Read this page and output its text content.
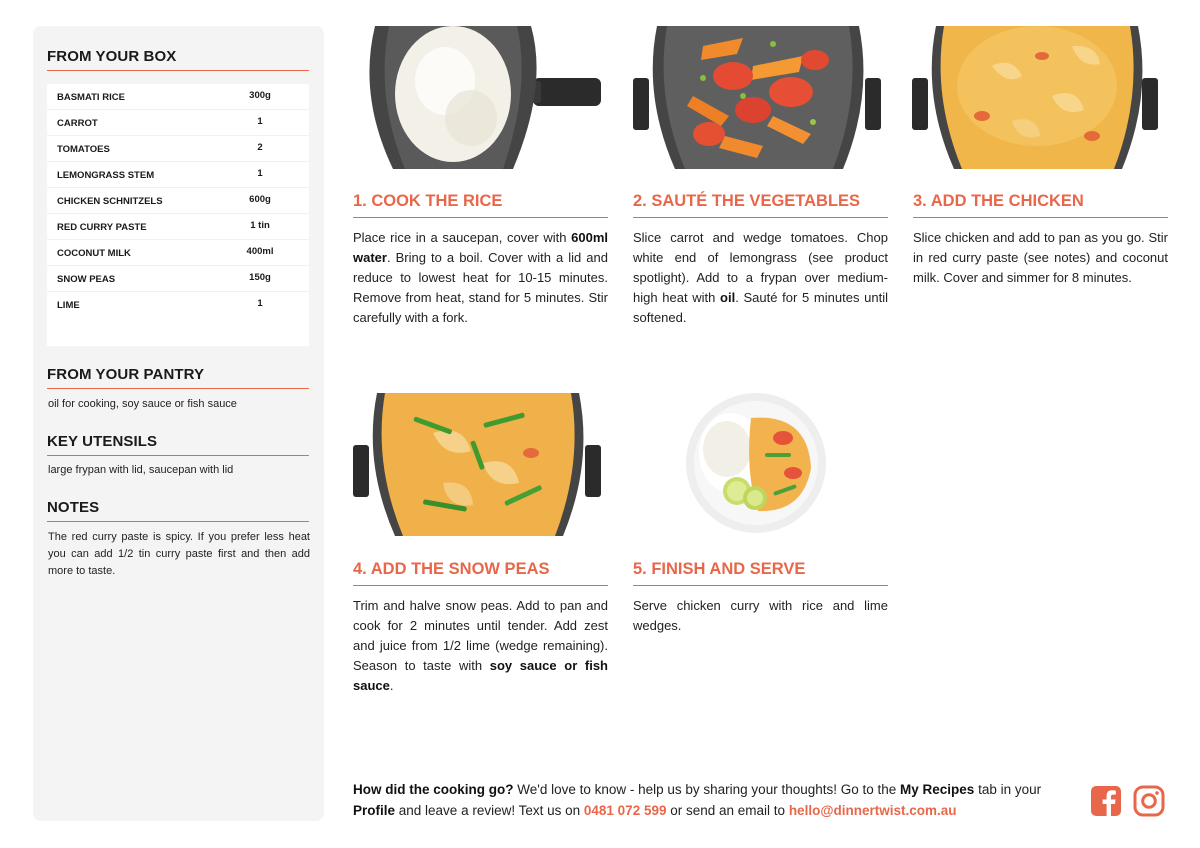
FROM YOUR BOX
BASMATI RICE	300g
CARROT	1
TOMATOES	2
LEMONGRASS STEM	1
CHICKEN SCHNITZELS	600g
RED CURRY PASTE	1 tin
COCONUT MILK	400ml
SNOW PEAS	150g
LIME	1
FROM YOUR PANTRY
oil for cooking, soy sauce or fish sauce
KEY UTENSILS
large frypan with lid, saucepan with lid
NOTES
The red curry paste is spicy. If you prefer less heat you can add 1/2 tin curry paste first and then add more to taste.
1. COOK THE RICE
Place rice in a saucepan, cover with 600ml water. Bring to a boil. Cover with a lid and reduce to lowest heat for 10-15 minutes. Remove from heat, stand for 5 minutes. Stir carefully with a fork.
2. SAUTÉ THE VEGETABLES
Slice carrot and wedge tomatoes. Chop white end of lemongrass (see product spotlight). Add to a frypan over medium-high heat with oil. Sauté for 5 minutes until softened.
3. ADD THE CHICKEN
Slice chicken and add to pan as you go. Stir in red curry paste (see notes) and coconut milk. Cover and simmer for 8 minutes.
4. ADD THE SNOW PEAS
Trim and halve snow peas. Add to pan and cook for 2 minutes until tender. Add zest and juice from 1/2 lime (wedge remaining). Season to taste with soy sauce or fish sauce.
5. FINISH AND SERVE
Serve chicken curry with rice and lime wedges.
How did the cooking go? We'd love to know - help us by sharing your thoughts! Go to the My Recipes tab in your Profile and leave a review! Text us on 0481 072 599 or send an email to hello@dinnertwist.com.au
